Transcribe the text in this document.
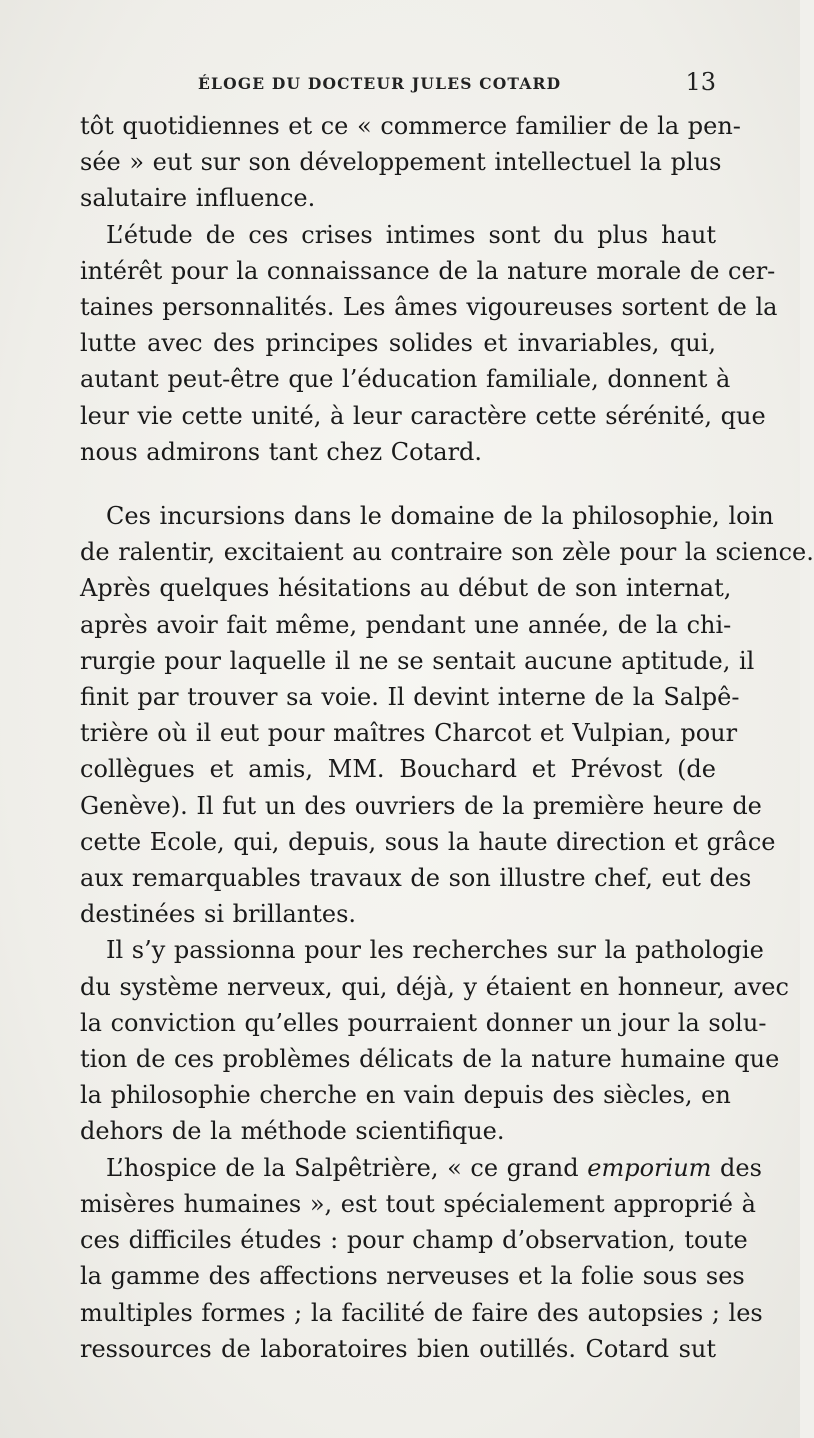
ÉLOGE DU DOCTEUR JULES COTARD	13

tôt quotidiennes et ce « commerce familier de la pen-

sée » eut sur son développement intellectuel la plus

salutaire influence.

L’étude de ces crises intimes sont du plus haut

intérêt pour la connaissance de la nature morale de cer-

taines personnalités. Les âmes vigoureuses sortent de la

lutte avec des principes solides et invariables, qui,

autant peut-être que l’éducation familiale, donnent à

leur vie cette unité, à leur caractère cette sérénité, que

nous admirons tant chez Cotard.

Ces incursions dans le domaine de la philosophie, loin

de ralentir, excitaient au contraire son zèle pour la science.

Après quelques hésitations au début de son internat,

après avoir fait même, pendant une année, de la chi-

rurgie pour laquelle il ne se sentait aucune aptitude, il

finit par trouver sa voie. Il devint interne de la Salpê-

trière où il eut pour maîtres Charcot et Vulpian, pour

collègues et amis, MM. Bouchard et Prévost (de

Genève). Il fut un des ouvriers de la première heure de

cette Ecole, qui, depuis, sous la haute direction et grâce

aux remarquables travaux de son illustre chef, eut des

destinées si brillantes.

Il s’y passionna pour les recherches sur la pathologie

du système nerveux, qui, déjà, y étaient en honneur, avec

la conviction qu’elles pourraient donner un jour la solu-

tion de ces problèmes délicats de la nature humaine que

la philosophie cherche en vain depuis des siècles, en

dehors de la méthode scientifique.

L’hospice de la Salpêtrière, « ce grand emporium des

misères humaines », est tout spécialement approprié à

ces difficiles études : pour champ d’observation, toute

la gamme des affections nerveuses et la folie sous ses

multiples formes ; la facilité de faire des autopsies ; les

ressources de laboratoires bien outillés. Cotard sut
